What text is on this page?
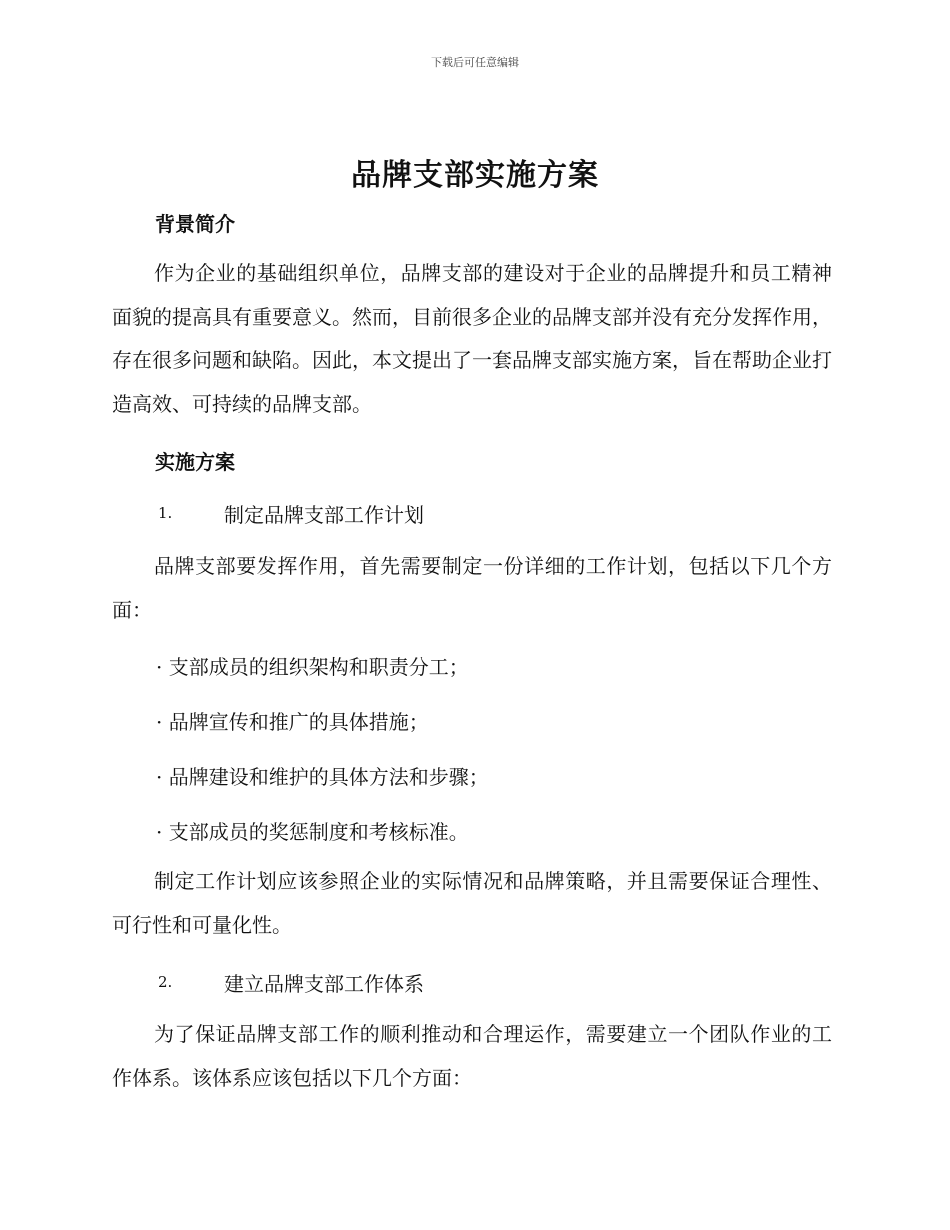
下载后可任意编辑
品牌支部实施方案
背景简介

作为企业的基础组织单位，品牌支部的建设对于企业的品牌提升和员工精神面貌的提高具有重要意义。然而，目前很多企业的品牌支部并没有充分发挥作用，存在很多问题和缺陷。因此，本文提出了一套品牌支部实施方案，旨在帮助企业打造高效、可持续的品牌支部。

实施方案
1.	制定品牌支部工作计划

品牌支部要发挥作用，首先需要制定一份详细的工作计划，包括以下几个方面：

· 支部成员的组织架构和职责分工；
· 品牌宣传和推广的具体措施；
· 品牌建设和维护的具体方法和步骤；
· 支部成员的奖惩制度和考核标准。

制定工作计划应该参照企业的实际情况和品牌策略，并且需要保证合理性、可行性和可量化性。

2.	建立品牌支部工作体系

为了保证品牌支部工作的顺利推动和合理运作，需要建立一个团队作业的工作体系。该体系应该包括以下几个方面：
